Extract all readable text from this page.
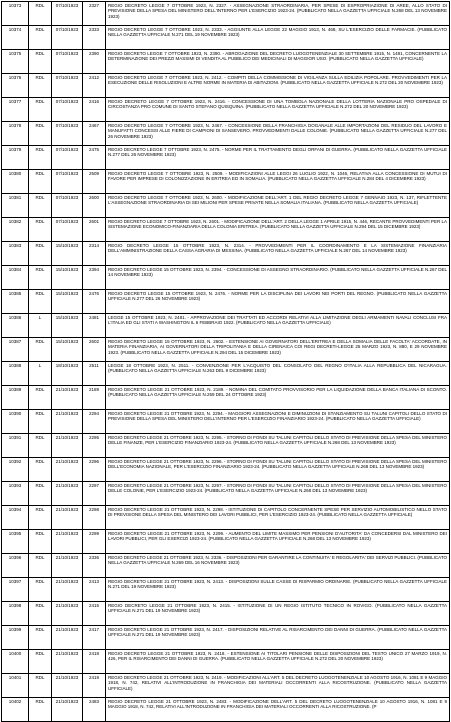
10373	RDL	07/10/1923	2327	REGIO DECRETO LEGGE 7 OTTOBRE 1923, N. 2327. - ASSEGNAZIONE STRAORDINARIA, PER SPESE DI ESPROPRIAZIONE DI AREE, ALLO STATO DI PREVISIONE DELLA SPESA DEL MINISTERO DELL'INTERNO PER L'ESERCIZIO 1923-24. (PUBBLICATO NELLA GAZZETTA UFFICIALE N.268 DEL 13 NOVEMBRE 1923)
10374	RDL	07/10/1923	2333	REGIO DECRETO LEGGE 7 OTTOBRE 1923, N. 2333. - AGGIUNTE ALLA LEGGE 22 MAGGIO 1913, N. 468, SU L'ESERCIZIO DELLE FARMACIE. (PUBBLICATO NELLA GAZZETTA UFFICIALE N.271 DEL 19 NOVEMBRE 1923)
10375	RDL	07/10/1923	2390	REGIO DECRETO LEGGE 7 OTTOBRE 1923, N. 2390. - ABROGAZIONE DEL DECRETO LUOGOTENENZIALE 30 SETTEMBRE 1915, N. 1481, CONCERNENTE LA DETERMINAZIONE DEI PREZZI MASSIMI DI VENDITA AL PUBBLICO DEI MEDICINALI DI MAGGIOR USO. (PUBBLICATO NELLA GAZZETTA UFFICIALE)
10376	RDL	07/10/1923	2412	REGIO DECRETO LEGGE 7 OTTOBRE 1923, N. 2412. - COMPITI DELLA COMMISSIONE DI VIGILANZA SULLA EDILIZIA POPOLARE. PROVVEDIMENTI PER LA ESECUZIONE DELLE RISOLUZIONI E ALTRE NORME IN MATERIA DI ABITAZIONI. (PUBBLICATO NELLA GAZZETTA UFFICIALE N.272 DEL 20 NOVEMBRE 1923)
10377	RDL	07/10/1923	2416	REGIO DECRETO LEGGE 7 OTTOBRE 1923, N. 2416. - CONCESSIONE DI UNA TOMBOLA NAZIONALE DELLA LOTTERIA NAZIONALE PRO OSPEDALE DI CIRCOSTANZA PRO COMUNE DI SANTO STEFANO QUISQUINA. (PUBBLICATO NELLA GAZZETTA UFFICIALE N.272 DEL 20 NOVEMBRE 1923)
10378	RDL	07/10/1923	2467	REGIO DECRETO LEGGE 7 OTTOBRE 1923, N. 2467. - CONCESSIONE DELLA FRANCHIGIA DOGANALE ALLE IMPORTAZIONI DEL RESIDUO DEL LAVORO E MANUFATTI CONCESSI ALLE FIERE DI CAMPIONI DI SANSEVERO. PROVVEDIMENTI DALLE COLONIE. (PUBBLICATO NELLA GAZZETTA UFFICIALE N.277 DEL 26 NOVEMBRE 1923)
10379	RDL	07/10/1923	2475	REGIO DECRETO LEGGE 7 OTTOBRE 1923, N. 2475. - NORME PER IL TRATTAMENTO DEGLI ORFANI DI GUERRA. (PUBBLICATO NELLA GAZZETTA UFFICIALE N.277 DEL 26 NOVEMBRE 1923)
10380	RDL	07/10/1923	2509	REGIO DECRETO LEGGE 7 OTTOBRE 1923, N. 2509. - MODIFICAZIONI ALLE LEGGI 26 LUGLIO 1922, N. 1046, RELATIVA ALLA CONCESSIONE DI MUTUI DI FAVORE PER IMPRESE DI COLONIZZAZIONE IN ERITREA ED IN SOMALIA. (PUBBLICATO NELLA GAZZETTA UFFICIALE N.284 DEL 4 DICEMBRE 1923)
10381	RDL	07/10/1923	2600	REGIO DECRETO LEGGE 7 OTTOBRE 1923, N. 2600. - MODIFICAZIONE DELL'ART. 1 DEL REGIO DECRETO LEGGE 7 GENNAIO 1923, N. 137, RIFLETTENTE L'ASSEGNAZIONE STRAORDINARIA DI SEI MILIONI PER SPESE PRIVATE NELLA SOMALIA ITALIANA. (PUBBLICATO NELLA GAZZETTA UFFICIALE)
10382	RDL	07/10/1923	2601	REGIO DECRETO LEGGE 7 OTTOBRE 1923, N. 2601. - MODIFICAZIONE DELL'ART. 2 DELLA LEGGE 1 APRILE 1915, N. 446, RECANTE PROVVEDIMENTI PER LA SISTEMAZIONE ECONOMICO-FINANZIARIA DELLA COLONIA ERITREA. (PUBBLICATO NELLA GAZZETTA UFFICIALE N.294 DEL 15 DICEMBRE 1923)
10383	RDL	15/10/1923	2314	REGIO DECRETO LEGGE 15 OTTOBRE 1923, N. 2314. - PROVVEDIMENTI PER IL COORDINAMENTO E LA SISTEMAZIONE FINANZIARIA DELL'AMMINISTRAZIONE DELLA CASSA AGRARIA DI MESSINA. (PUBBLICATO NELLA GAZZETTA UFFICIALE N.267 DEL 14 NOVEMBRE 1923)
10384	RDL	15/10/1923	2394	REGIO DECRETO LEGGE 15 OTTOBRE 1923, N. 2394. - CONCESSIONE DI ASSEGNO STRAORDINARIO. (PUBBLICATO NELLA GAZZETTA UFFICIALE N.267 DEL 14 NOVEMBRE 1923)
10385	RDL	15/10/1923	2476	REGIO DECRETO LEGGE 15 OTTOBRE 1923, N. 2476. - NORME PER LA DISCIPLINA DEI LAVORI NEI PORTI DEL REGNO. (PUBBLICATO NELLA GAZZETTA UFFICIALE N.277 DEL 26 NOVEMBRE 1923)
10386	L	15/10/1923	2481	LEGGE 15 OTTOBRE 1923, N. 2481. - APPROVAZIONE DEI TRATTATI ED ACCORDI RELATIVI ALLA LIMITAZIONE DEGLI ARMAMENTI NAVALI CONCLUSI FRA L'ITALIA ED GLI STATI A WASHINGTON IL 6 FEBBRAIO 1922. (PUBBLICATO NELLA GAZZETTA UFFICIALE)
10387	RDL	15/10/1923	2602	REGIO DECRETO LEGGE 15 OTTOBRE 1923, N. 2602. - ESTENSIONE AI GOVERNATORI DELL'ERITREA E DELLA SOMALIA DELLE FACOLTA' ACCORDATE, IN MATERIA FINANZIARIA, AI GOVERNATORI DELLA TRIPOLITANIA E DELLA CIRENAICA COI REGI DECRETI-LEGGE 25 MARZO 1923, N. 880, E 29 NOVEMBRE 1923. (PUBBLICATO NELLA GAZZETTA UFFICIALE N.294 DEL 15 DICEMBRE 1923)
10388	L	18/10/1923	2511	LEGGE 18 OTTOBRE 1923, N. 2511. - CONVENZIONE PER L'ACQUISTO DEL CONSOLATO DEL REGNO D'ITALIA ALLA REPUBBLICA DEL NICARAGUA. (PUBBLICATO NELLA GAZZETTA UFFICIALE N.263 DEL 9 DICEMBRE 1923)
10389	RDL	21/10/1923	2189	REGIO DECRETO LEGGE 21 OTTOBRE 1923, N. 2189. - NOMINA DEL COMITATO PROVVISORIO PER LA LIQUIDAZIONE DELLA BANCA ITALIANA DI SCONTO. (PUBBLICATO NELLA GAZZETTA UFFICIALE N.259 DEL 24 OTTOBRE 1923)
10390	RDL	21/10/1923	2294	REGIO DECRETO LEGGE 21 OTTOBRE 1923, N. 2294. - MAGGIORI ASSEGNAZIONI E DIMINUZIONI DI STANZIAMENTO SU TALUNI CAPITOLI DELLO STATO DI PREVISIONE DELLA SPESA DEL MINISTERO DELL'INTERNO PER L'ESERCIZIO FINANZIARIO 1923-24. (PUBBLICATO NELLA GAZZETTA UFFICIALE)
10391	RDL	21/10/1923	2295	REGIO DECRETO LEGGE 21 OTTOBRE 1923, N. 2295. - STORNO DI FONDI SU TALUNI CAPITOLI DELLO STATO DI PREVISIONE DELLA SPESA DEL MINISTERO DELLE FINANZE, PER L'ESERCIZIO FINANZIARIO 1923-24. (PUBBLICATO NELLA GAZZETTA UFFICIALE N.268 DEL 13 NOVEMBRE 1923)
10392	RDL	21/10/1923	2296	REGIO DECRETO LEGGE 21 OTTOBRE 1923, N. 2296. - STORNO DI FONDI SU TALUNI CAPITOLI DELLO STATO DI PREVISIONE DELLA SPESA DEL MINISTERO DELL'ECONOMIA NAZIONALE, PER L'ESERCIZIO FINANZIARIO 1923-24. (PUBBLICATO NELLA GAZZETTA UFFICIALE N.268 DEL 13 NOVEMBRE 1923)
10393	RDL	21/10/1923	2297	REGIO DECRETO LEGGE 21 OTTOBRE 1923, N. 2297. - STORNO DI FONDI SU TALUNI CAPITOLI DELLO STATO DI PREVISIONE DELLA SPESA DEL MINISTERO DELLE COLONIE, PER L'ESERCIZIO 1923-24. (PUBBLICATO NELLA GAZZETTA UFFICIALE N.268 DEL 13 NOVEMBRE 1923)
10394	RDL	21/10/1923	2298	REGIO DECRETO LEGGE 21 OTTOBRE 1923, N. 2298. - ISTITUZIONE DI CAPITOLO CONCERNENTE SPESE PER SERVIZIO AUTOMOBILISTICO NELLO STATO DI PREVISIONE DELLA SPESA DEL MINISTERO DEI LAVORI PUBBLICI, PER L'ESERCIZIO 1923-24. (PUBBLICATO NELLA GAZZETTA UFFICIALE)
10395	RDL	21/10/1923	2299	REGIO DECRETO LEGGE 21 OTTOBRE 1923, N. 2299. - AUMENTO DEL LIMITE MASSIMO PER PENSIONI D'AUTORITA' DA CONCEDERSI DAL MINISTERO DEI LAVORI PUBBLICI, PER GLI ESERCIZI 1923-24. (PUBBLICATO NELLA GAZZETTA UFFICIALE N.268 DEL 13 NOVEMBRE 1923)
10396	RDL	21/10/1923	2336	REGIO DECRETO LEGGE 21 OTTOBRE 1923, N. 2336. - DISPOSIZIONI PER GARANTIRE LA CONTINUITA' E REGOLARITA' DEI SERVIZI PUBBLICI. (PUBBLICATO NELLA GAZZETTA UFFICIALE N.269 DEL 16 NOVEMBRE 1923)
10397	RDL	21/10/1923	2413	REGIO DECRETO LEGGE 21 OTTOBRE 1923, N. 2413. - DISPOSIZIONI SULLE CASSE DI RISPARMIO ORDINARIE. (PUBBLICATO NELLA GAZZETTA UFFICIALE N.271 DEL 19 NOVEMBRE 1923)
10398	RDL	21/10/1923	2415	REGIO DECRETO LEGGE 21 OTTOBRE 1923, N. 2415. - ISTITUZIONE DI UN REGIO ISTITUTO TECNICO IN ROVIGO. (PUBBLICATO NELLA GAZZETTA UFFICIALE N.271 DEL 19 NOVEMBRE 1923)
10399	RDL	21/10/1923	2417	REGIO DECRETO LEGGE 21 OTTOBRE 1923, N. 2417. - DISPOSIZIONI RELATIVE AL RISARCIMENTO DEI DANNI DI GUERRA. (PUBBLICATO NELLA GAZZETTA UFFICIALE N.271 DEL 19 NOVEMBRE 1923)
10400	RDL	21/10/1923	2418	REGIO DECRETO LEGGE 21 OTTOBRE 1923, N. 2418. - ESTENSIONE AI TITOLARI PENSIONE DELLE DISPOSIZIONI DEL TESTO UNICO 27 MARZO 1919, N. 426, PER IL RISARCIMENTO DEI DANNI DI GUERRA. (PUBBLICATO NELLA GAZZETTA UFFICIALE N.272 DEL 20 NOVEMBRE 1923)
10401	RDL	21/10/1923	2419	REGIO DECRETO LEGGE 21 OTTOBRE 1923, N. 2419. - MODIFICAZIONI ALL'ART. 5 DEL DECRETO LUOGOTENENZIALE 10 AGOSTO 1916, N. 1081 E 9 MAGGIO 1918, N. 742, RELATIVI ALL'INTRODUZIONE IN FRANCHIGIA DEI MATERIALI OCCORRENTI ALLA RICOSTRUZIONE. (PUBBLICATO NELLA GAZZETTA UFFICIALE)
10402	RDL	21/10/1923	2483	REGIO DECRETO LEGGE 21 OTTOBRE 1923, N. 2483. - MODIFICAZIONE DELL'ART. 5 DEL DECRETO LUOGOTENENZIALE 10 AGOSTO 1916, N. 1081 E 9 MAGGIO 1918, N. 742, RELATIVI ALL'INTRODUZIONE IN FRANCHIGIA DEI MATERIALI OCCORRENTI ALLA RICOSTRUZIONE. (P
